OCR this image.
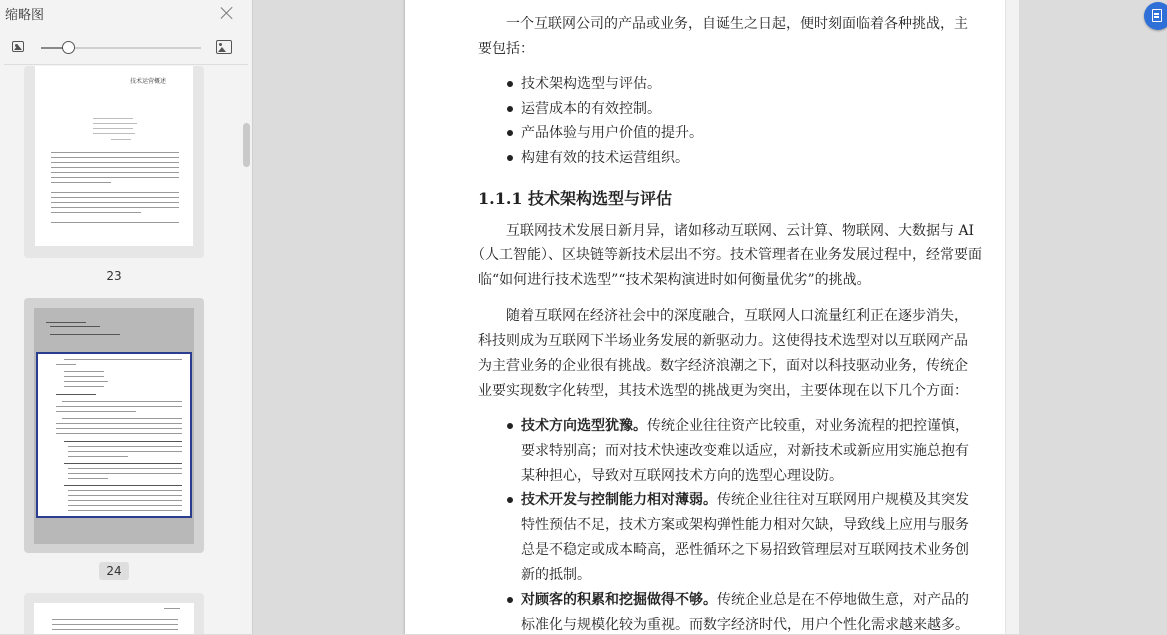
缩略图
技术运营概述
23
24
一个互联网公司的产品或业务，自诞生之日起，便时刻面临着各种挑战，主
要包括：
技术架构选型与评估。
运营成本的有效控制。
产品体验与用户价值的提升。
构建有效的技术运营组织。
1.1.1 技术架构选型与评估
互联网技术发展日新月异，诸如移动互联网、云计算、物联网、大数据与 AI
（人工智能）、区块链等新技术层出不穷。技术管理者在业务发展过程中，经常要面
临“如何进行技术选型”“技术架构演进时如何衡量优劣”的挑战。
随着互联网在经济社会中的深度融合，互联网人口流量红利正在逐步消失，
科技则成为互联网下半场业务发展的新驱动力。这使得技术选型对以互联网产品
为主营业务的企业很有挑战。数字经济浪潮之下，面对以科技驱动业务，传统企
业要实现数字化转型，其技术选型的挑战更为突出，主要体现在以下几个方面：
技术方向选型犹豫。传统企业往往资产比较重，对业务流程的把控谨慎，
要求特别高；而对技术快速改变难以适应，对新技术或新应用实施总抱有
某种担心，导致对互联网技术方向的选型心理设防。
技术开发与控制能力相对薄弱。传统企业往往对互联网用户规模及其突发
特性预估不足，技术方案或架构弹性能力相对欠缺，导致线上应用与服务
总是不稳定或成本畸高，恶性循环之下易招致管理层对互联网技术业务创
新的抵制。
对顾客的积累和挖掘做得不够。传统企业总是在不停地做生意，对产品的
标准化与规模化较为重视。而数字经济时代，用户个性化需求越来越多。
